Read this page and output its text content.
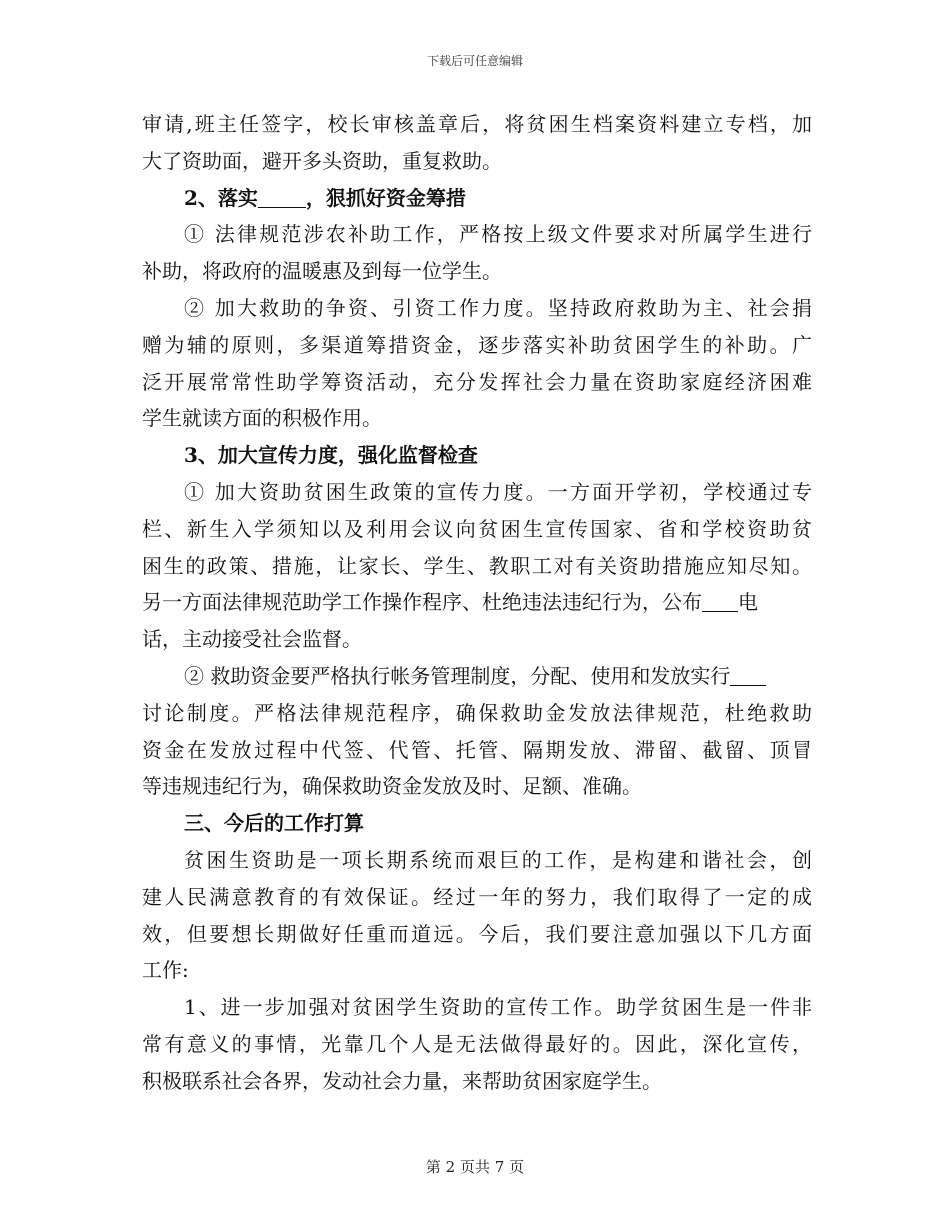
下载后可任意编辑
审请,班主任签字，校长审核盖章后，将贫困生档案资料建立专档，加
大了资助面，避开多头资助，重复救助。
2、落实 ，狠抓好资金筹措
① 法律规范涉农补助工作，严格按上级文件要求对所属学生进行
补助，将政府的温暖惠及到每一位学生。
② 加大救助的争资、引资工作力度。坚持政府救助为主、社会捐
赠为辅的原则，多渠道筹措资金，逐步落实补助贫困学生的补助。广
泛开展常常性助学筹资活动，充分发挥社会力量在资助家庭经济困难
学生就读方面的积极作用。
3、加大宣传力度，强化监督检查
① 加大资助贫困生政策的宣传力度。一方面开学初，学校通过专
栏、新生入学须知以及利用会议向贫困生宣传国家、省和学校资助贫
困生的政策、措施，让家长、学生、教职工对有关资助措施应知尽知。
另一方面法律规范助学工作操作程序、杜绝违法违纪行为，公布 电
话，主动接受社会监督。
② 救助资金要严格执行帐务管理制度，分配、使用和发放实行
讨论制度。严格法律规范程序，确保救助金发放法律规范，杜绝救助
资金在发放过程中代签、代管、托管、隔期发放、滞留、截留、顶冒
等违规违纪行为，确保救助资金发放及时、足额、准确。
三、今后的工作打算
贫困生资助是一项长期系统而艰巨的工作，是构建和谐社会，创
建人民满意教育的有效保证。经过一年的努力，我们取得了一定的成
效，但要想长期做好任重而道远。今后，我们要注意加强以下几方面
工作:
1、进一步加强对贫困学生资助的宣传工作。助学贫困生是一件非
常有意义的事情，光靠几个人是无法做得最好的。因此，深化宣传，
积极联系社会各界，发动社会力量，来帮助贫困家庭学生。
第 2 页共 7 页
